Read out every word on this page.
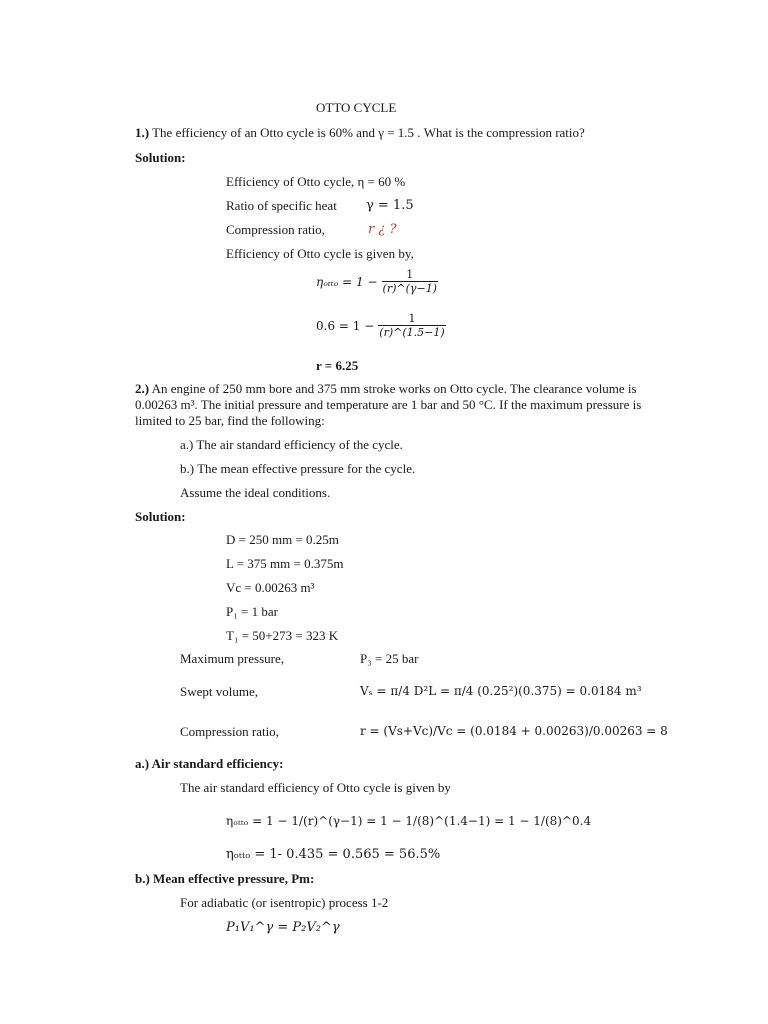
OTTO CYCLE
1.) The efficiency of an Otto cycle is 60% and γ = 1.5 . What is the compression ratio?
Solution:
Efficiency of Otto cycle, η = 60 %
Ratio of specific heat γ = 1.5
Compression ratio,	r ¿ ?
Efficiency of Otto cycle is given by,
$\eta_{otto} = 1 - \frac{1}{(r)\^{}(\gamma-1)}$
$0.6 = 1 - \frac{1}{(r)\^{}(1.5-1)}$
r = 6.25
2.) An engine of 250 mm bore and 375 mm stroke works on Otto cycle. The clearance volume is
0.00263 m³. The initial pressure and temperature are 1 bar and 50 °C. If the maximum pressure is
limited to 25 bar, find the following:
a.) The air standard efficiency of the cycle.
b.) The mean effective pressure for the cycle.
Assume the ideal conditions.
Solution:
D = 250 mm = 0.25m
L = 375 mm = 0.375m
Vc = 0.00263 m³
P₁ = 1 bar
T₁ = 50+273 = 323 K
Maximum pressure,	P₃ = 25 bar
Swept volume,	Vₛ = π/4 D²L = π/4 (0.25²)(0.375) = 0.0184 m³
Compression ratio,	r = (Vs+Vc)/Vc = (0.0184 + 0.00263)/0.00263 = 8
a.) Air standard efficiency:
The air standard efficiency of Otto cycle is given by
ηₒₜₜₒ = 1 − 1/(r)^(γ−1) = 1 − 1/(8)^(1.4−1) = 1 − 1/(8)^0.4
ηₒₜₜₒ = 1- 0.435 = 0.565 = 56.5%
b.) Mean effective pressure, Pm:
For adiabatic (or isentropic) process 1-2
P₁V₁^γ = P₂V₂^γ
